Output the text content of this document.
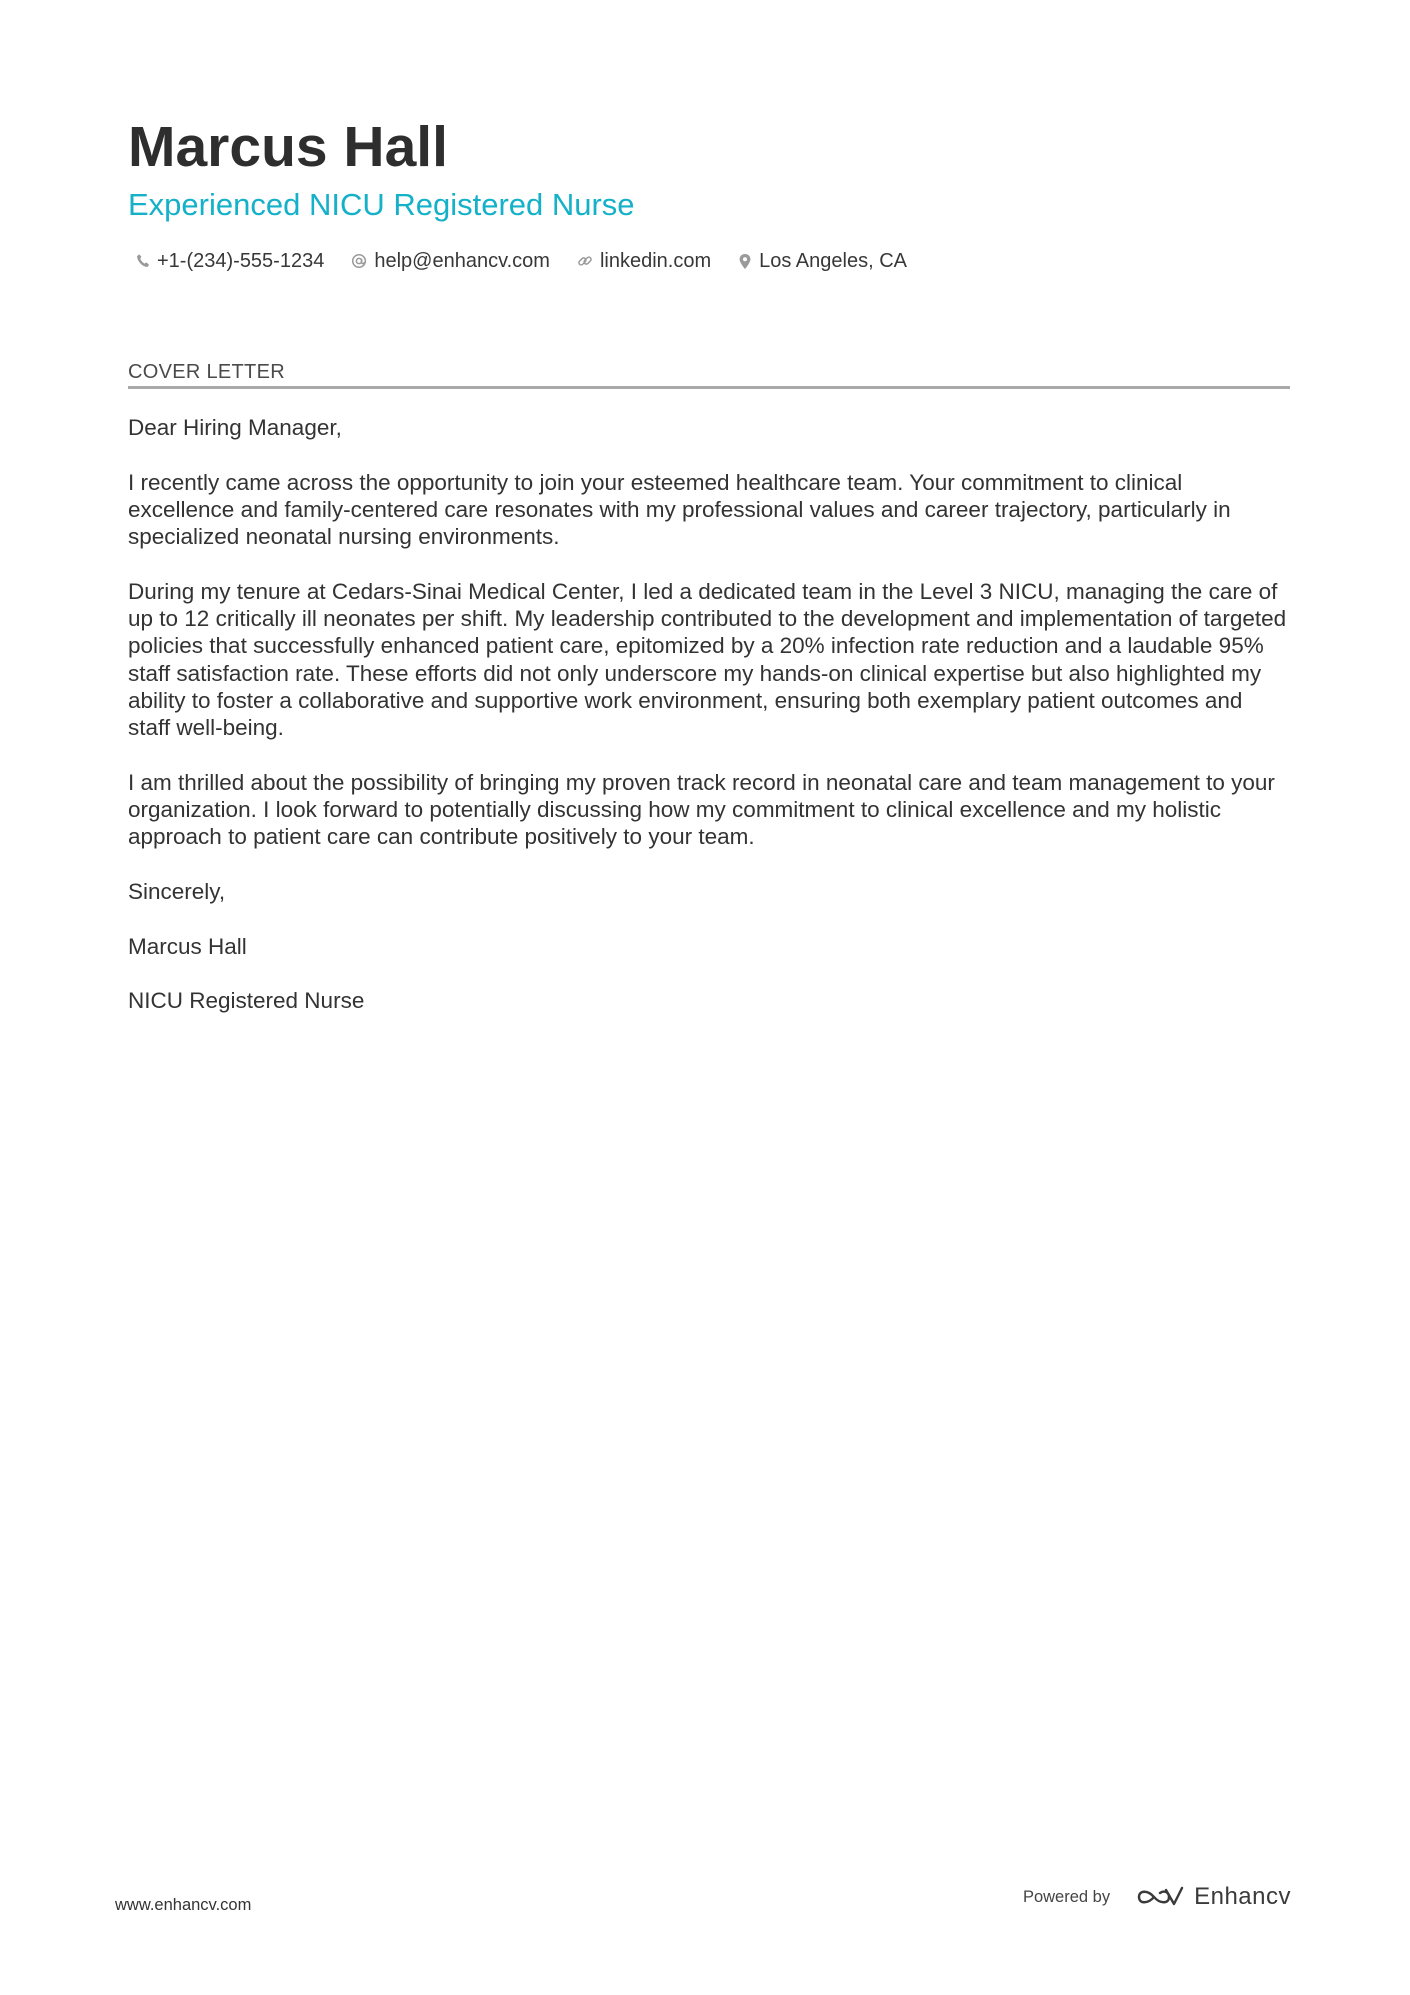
Marcus Hall
Experienced NICU Registered Nurse
+1-(234)-555-1234	help@enhancv.com	linkedin.com Los Angeles, CA
COVER LETTER

Dear Hiring Manager,

I recently came across the opportunity to join your esteemed healthcare team. Your commitment to clinical excellence and family-centered care resonates with my professional values and career trajectory, particularly in specialized neonatal nursing environments.

During my tenure at Cedars-Sinai Medical Center, I led a dedicated team in the Level 3 NICU, managing the care of up to 12 critically ill neonates per shift. My leadership contributed to the development and implementation of targeted policies that successfully enhanced patient care, epitomized by a 20% infection rate reduction and a laudable 95% staff satisfaction rate. These efforts did not only underscore my hands-on clinical expertise but also highlighted my ability to foster a collaborative and supportive work environment, ensuring both exemplary patient outcomes and staff well-being.

I am thrilled about the possibility of bringing my proven track record in neonatal care and team management to your organization. I look forward to potentially discussing how my commitment to clinical excellence and my holistic approach to patient care can contribute positively to your team.

Sincerely,

Marcus Hall

NICU Registered Nurse

www.enhancv.com	Powered by	Enhancv
